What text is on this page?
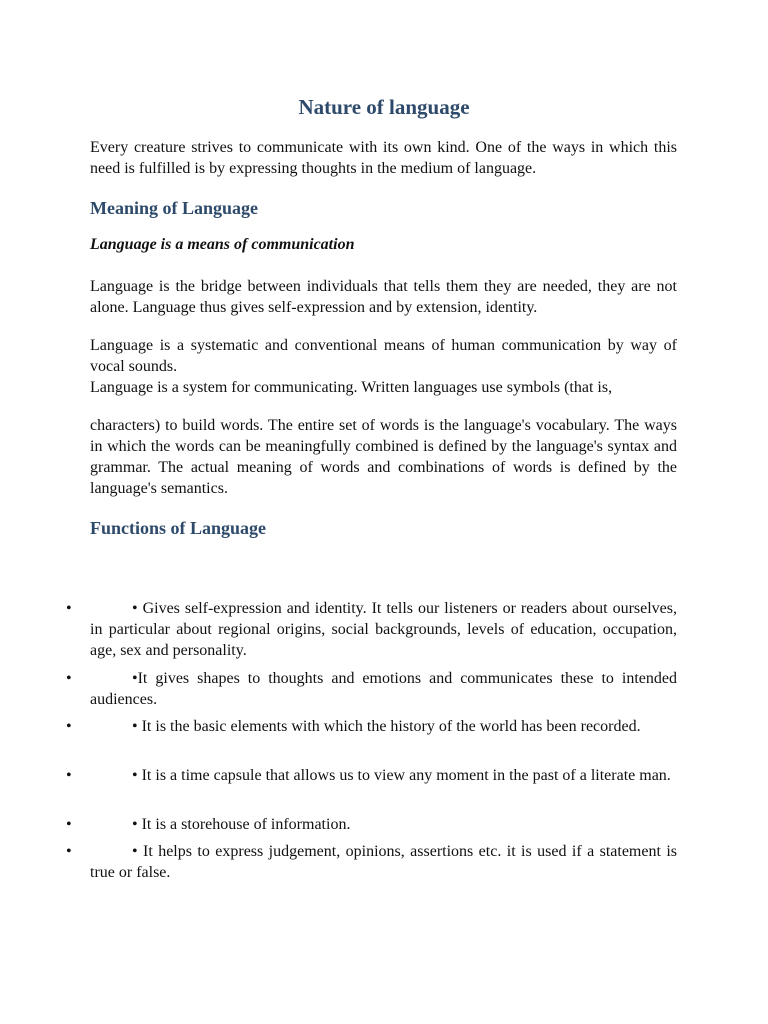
Nature of language
Every creature strives to communicate with its own kind. One of the ways in which this need is fulfilled is by expressing thoughts in the medium of language.
Meaning of Language
Language is a means of communication
Language is the bridge between individuals that tells them they are needed, they are not alone. Language thus gives self-expression and by extension, identity.
Language is a systematic and conventional means of human communication by way of vocal sounds.
Language is a system for communicating. Written languages use symbols (that is,
characters) to build words. The entire set of words is the language's vocabulary. The ways in which the words can be meaningfully combined is defined by the language's syntax and grammar. The actual meaning of words and combinations of words is defined by the language's semantics.
Functions of Language
•	• Gives self-expression and identity. It tells our listeners or readers about ourselves, in particular about regional origins, social backgrounds, levels of education, occupation, age, sex and personality.
•	•It gives shapes to thoughts and emotions and communicates these to intended audiences.
•	• It is the basic elements with which the history of the world has been recorded.
•	• It is a time capsule that allows us to view any moment in the past of a literate man.
•	• It is a storehouse of information.
•	• It helps to express judgement, opinions, assertions etc. it is used if a statement is true or false.
